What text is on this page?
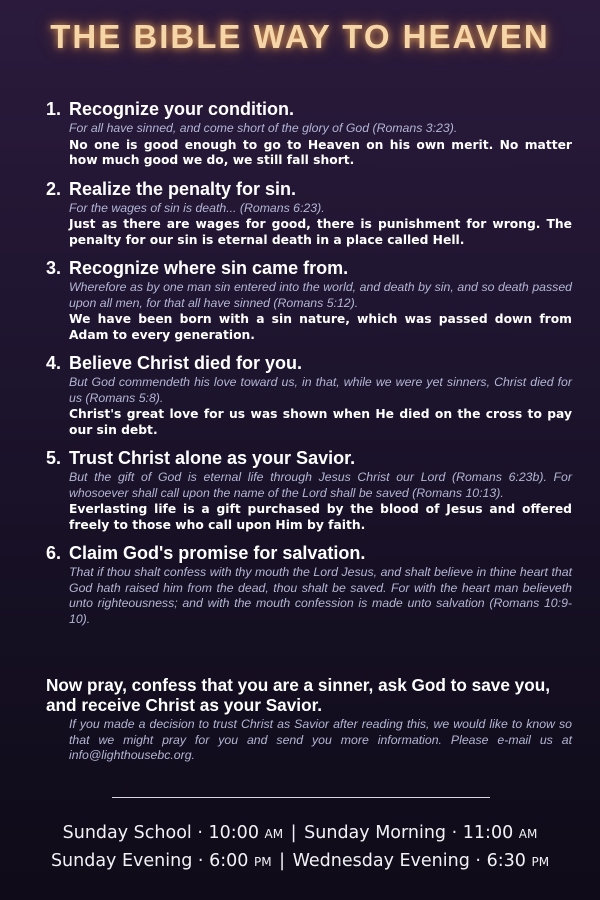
THE BIBLE WAY TO HEAVEN
1. Recognize your condition.
For all have sinned, and come short of the glory of God (Romans 3:23).
No one is good enough to go to Heaven on his own merit. No matter how much good we do, we still fall short.
2. Realize the penalty for sin.
For the wages of sin is death... (Romans 6:23).
Just as there are wages for good, there is punishment for wrong. The penalty for our sin is eternal death in a place called Hell.
3. Recognize where sin came from.
Wherefore as by one man sin entered into the world, and death by sin, and so death passed upon all men, for that all have sinned (Romans 5:12).
We have been born with a sin nature, which was passed down from Adam to every generation.
4. Believe Christ died for you.
But God commendeth his love toward us, in that, while we were yet sinners, Christ died for us (Romans 5:8).
Christ's great love for us was shown when He died on the cross to pay our sin debt.
5. Trust Christ alone as your Savior.
But the gift of God is eternal life through Jesus Christ our Lord (Romans 6:23b). For whosoever shall call upon the name of the Lord shall be saved (Romans 10:13).
Everlasting life is a gift purchased by the blood of Jesus and offered freely to those who call upon Him by faith.
6. Claim God's promise for salvation.
That if thou shalt confess with thy mouth the Lord Jesus, and shalt believe in thine heart that God hath raised him from the dead, thou shalt be saved. For with the heart man believeth unto righteousness; and with the mouth confession is made unto salvation (Romans 10:9-10).
Now pray, confess that you are a sinner, ask God to save you, and receive Christ as your Savior.
If you made a decision to trust Christ as Savior after reading this, we would like to know so that we might pray for you and send you more information. Please e-mail us at info@lighthousebc.org.
Sunday School · 10:00 AM | Sunday Morning · 11:00 AM
Sunday Evening · 6:00 PM | Wednesday Evening · 6:30 PM
